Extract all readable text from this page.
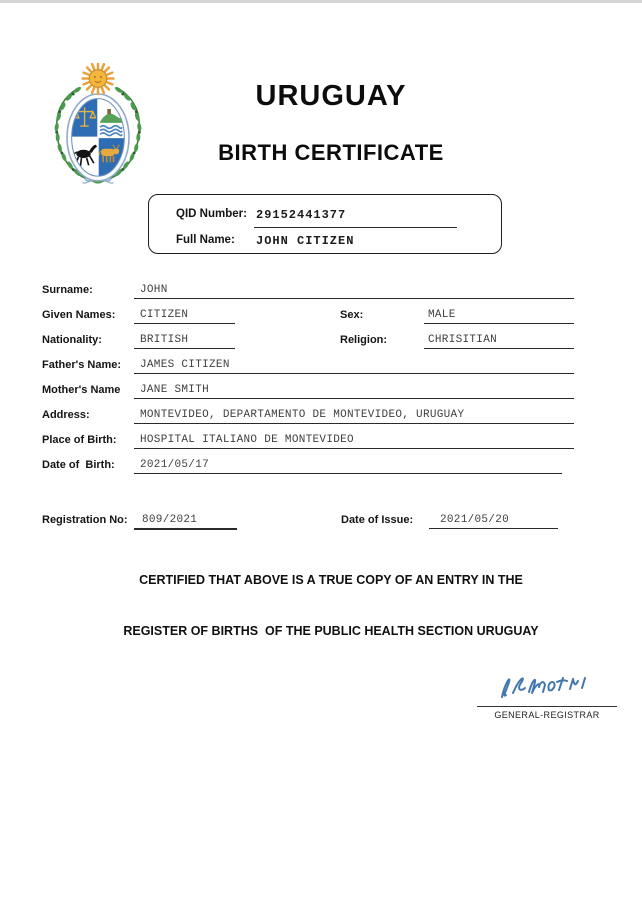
URUGUAY
BIRTH CERTIFICATE
QID Number: 29152441377
Full Name: JOHN CITIZEN
Surname:	JOHN
Given Names:	CITIZEN	Sex:	MALE
Nationality:	BRITISH	Religion:	CHRISITIAN
Father's Name:	JAMES CITIZEN
Mother's Name	JANE SMITH
Address:	MONTEVIDEO, DEPARTAMENTO DE MONTEVIDEO, URUGUAY
Place of Birth:	HOSPITAL ITALIANO DE MONTEVIDEO
Date of  Birth:	2021/05/17
Registration No:	809/2021	Date of Issue:	2021/05/20
CERTIFIED THAT ABOVE IS A TRUE COPY OF AN ENTRY IN THE
REGISTER OF BIRTHS  OF THE PUBLIC HEALTH SECTION URUGUAY
GENERAL-REGISTRAR
